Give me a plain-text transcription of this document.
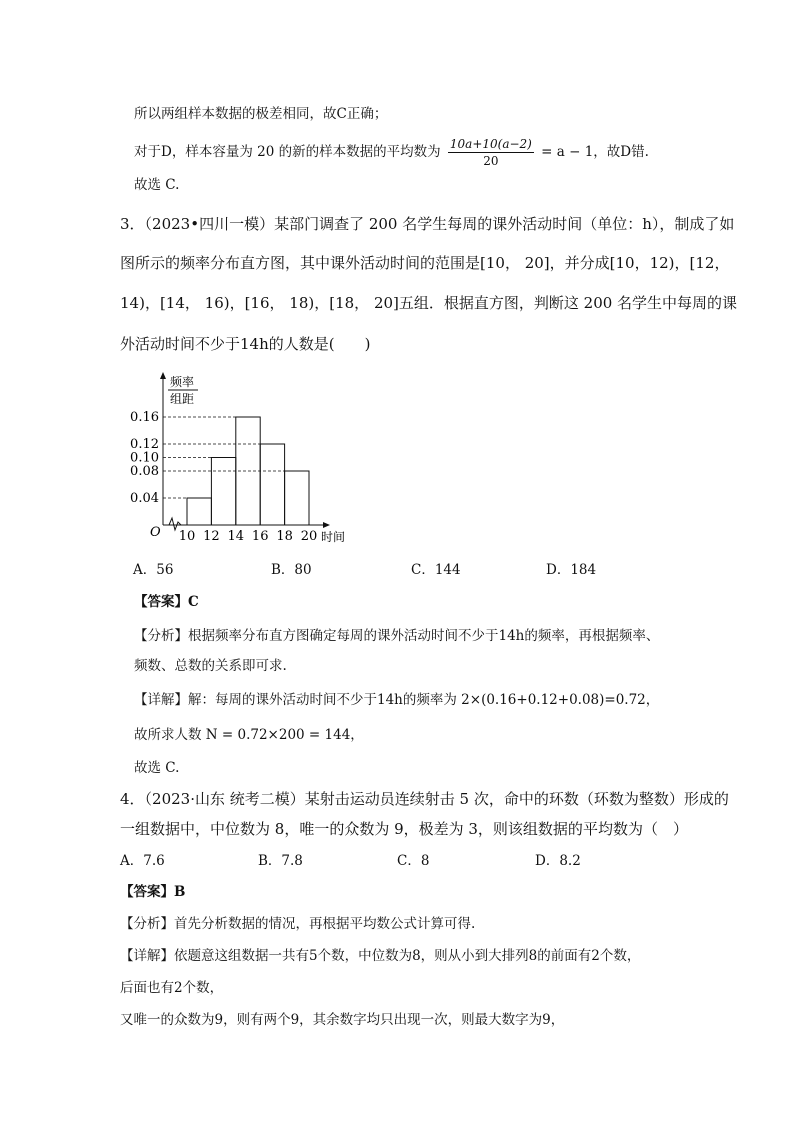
所以两组样本数据的极差相同，故C正确；
对于D，样本容量为 20 的新的样本数据的平均数为 $\frac{10a+10(a-2)}{20} = a - 1$，故D错.
故选 C.
3．（2023•四川一模）某部门调查了 200 名学生每周的课外活动时间（单位：h），制成了如
图所示的频率分布直方图，其中课外活动时间的范围是[10， 20]，并分成[10，12)，[12，
14)，[14， 16)，[16， 18)，[18， 20]五组．根据直方图，判断这 200 名学生中每周的课
外活动时间不少于14h的人数是(　　)
频率
组距
O	时间
10 12 14 16 18 20
0.04
0.08
0.10
0.12
0.16
A．56	B．80	C．144	D．184
【答案】C
【分析】根据频率分布直方图确定每周的课外活动时间不少于14h的频率，再根据频率、
频数、总数的关系即可求.
【详解】解：每周的课外活动时间不少于14h的频率为 2×(0.16+0.12+0.08)=0.72，
故所求人数 N = 0.72×200 = 144，
故选 C.
4．（2023·山东 统考二模）某射击运动员连续射击 5 次，命中的环数（环数为整数）形成的
一组数据中，中位数为 8，唯一的众数为 9，极差为 3，则该组数据的平均数为（　）
A．7.6	B．7.8	C．8	D．8.2
【答案】B
【分析】首先分析数据的情况，再根据平均数公式计算可得.
【详解】依题意这组数据一共有5个数，中位数为8，则从小到大排列8的前面有2个数，
后面也有2个数，
又唯一的众数为9，则有两个9，其余数字均只出现一次，则最大数字为9，
